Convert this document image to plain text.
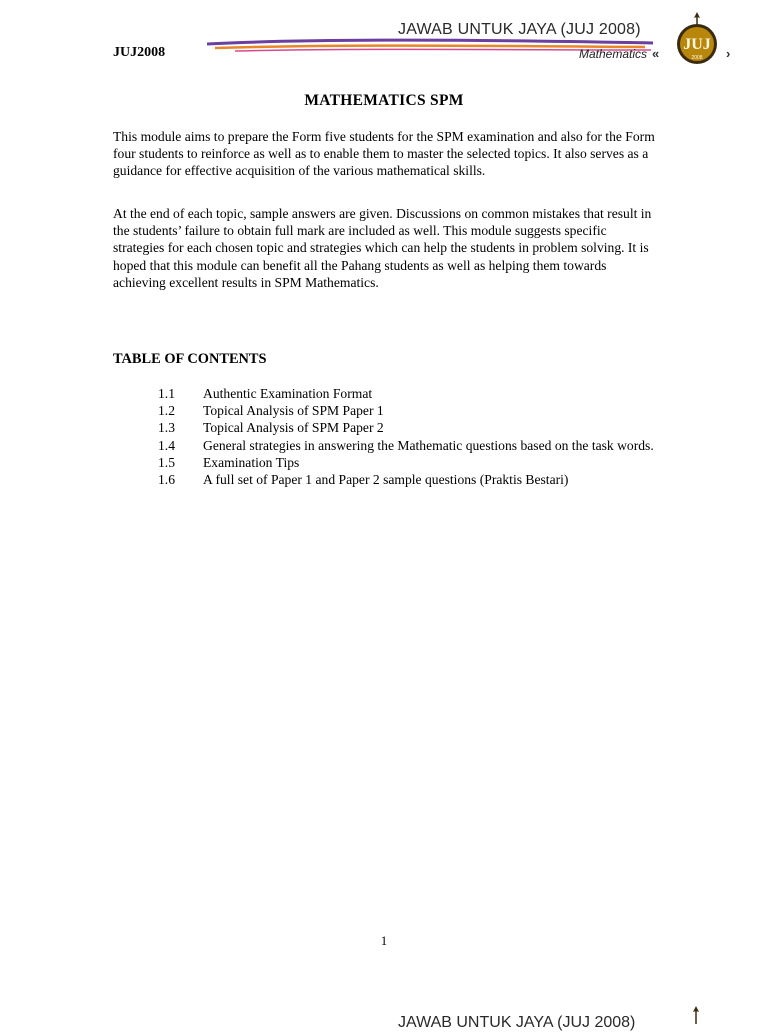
JUJ2008
JAWAB UNTUK JAYA (JUJ 2008)
Mathematics «
JUJ
2008 ›
MATHEMATICS SPM

This module aims to prepare the Form five students for the SPM examination and also for the Form four students to reinforce as well as to enable them to master the selected topics. It also serves as a guidance for effective acquisition of the various mathematical skills.

At the end of each topic, sample answers are given. Discussions on common mistakes that result in the students’ failure to obtain full mark are included as well. This module suggests specific strategies for each chosen topic and strategies which can help the students in problem solving. It is hoped that this module can benefit all the Pahang students as well as helping them towards achieving excellent results in SPM Mathematics.

TABLE OF CONTENTS
1.1	Authentic Examination Format
1.2	Topical Analysis of SPM Paper 1
1.3	Topical Analysis of SPM Paper 2
1.4	General strategies in answering the Mathematic questions based on the task words.
1.5	Examination Tips
1.6	A full set of Paper 1 and Paper 2 sample questions (Praktis Bestari)
1
JAWAB UNTUK JAYA (JUJ 2008)
